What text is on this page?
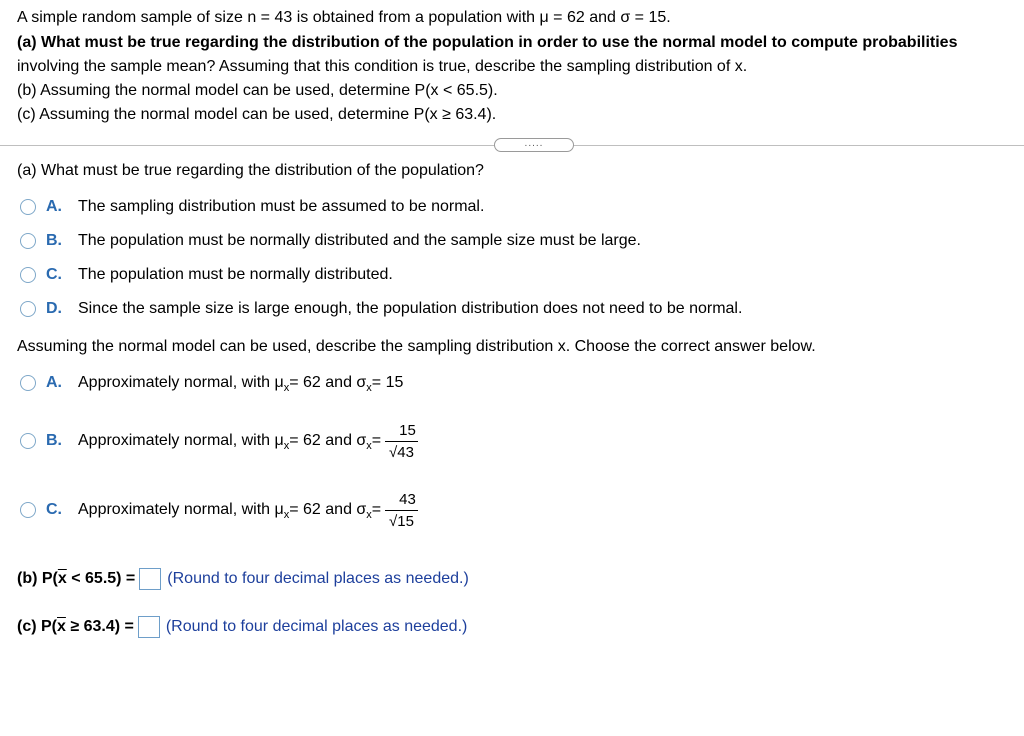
A simple random sample of size n = 43 is obtained from a population with μ = 62 and σ = 15.
(a) What must be true regarding the distribution of the population in order to use the normal model to compute probabilities
involving the sample mean? Assuming that this condition is true, describe the sampling distribution of x.
(b) Assuming the normal model can be used, determine P(x < 65.5).
(c) Assuming the normal model can be used, determine P(x ≥ 63.4).
.....
(a) What must be true regarding the distribution of the population?
A.	The sampling distribution must be assumed to be normal.
B.	The population must be normally distributed and the sample size must be large.
C.	The population must be normally distributed.
D.	Since the sample size is large enough, the population distribution does not need to be normal.
Assuming the normal model can be used, describe the sampling distribution x. Choose the correct answer below.
A.	Approximately normal, with μ x = 62 and σ x = 15
B.	Approximately normal, with μ x = 62 and σ $x = \frac{15}{√43}$
C.	Approximately normal, with μ x = 62 and σ $x = \frac{43}{√15}$
(b) $P(\overline{x} < 65.5)$ = (Round to four decimal places as needed.)
(c) $P(\overline{x} \ge 63.4)$ = (Round to four decimal places as needed.)
